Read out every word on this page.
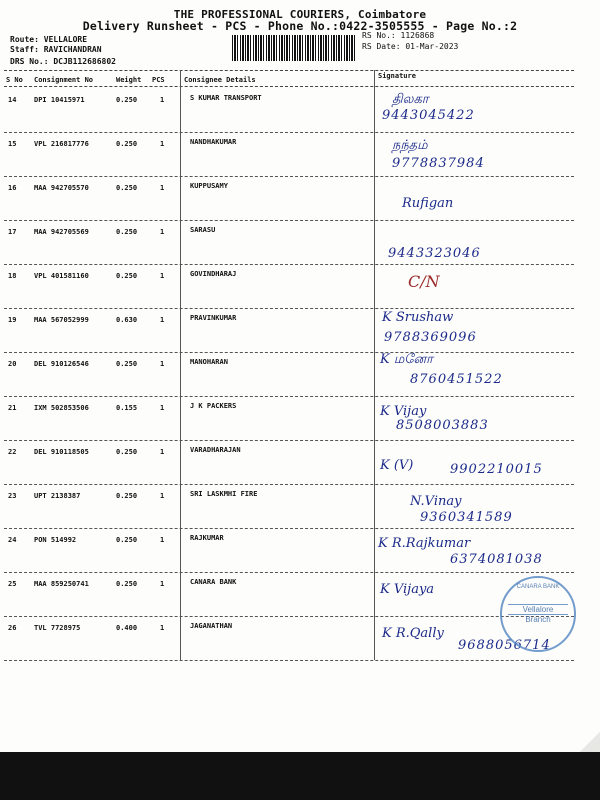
THE PROFESSIONAL COURIERS, Coimbatore
Delivery Runsheet - PCS - Phone No.:0422-3505555 - Page No.:2
Route: VELLALORE
Staff: RAVICHANDRAN
DRS No.: DCJB112686802
RS No.: 1126868
RS Date: 01-Mar-2023
S No Consignment No	Weight PCS	Consignee Details	Signature
14	DPI 10415971	0.250	1	S KUMAR TRANSPORT	திலகா
9443045422
15	VPL 216817776	0.250	1	NANDHAKUMAR	நந்தம்
9778837984
16	MAA 942705570	0.250	1	KUPPUSAMY
Rufigan
17	MAA 942705569	0.250	1	SARASU
9443323046
18	VPL 401581160	0.250	1	GOVINDHARAJ	C/N
19	MAA 567052999	0.630	1	PRAVINKUMAR	K Srushaw
9788369096
20	DEL 910126546	0.250	1	MANOHARAN	K மனோ
8760451522
21	IXM 502853506	0.155	1	J K PACKERS	K Vijay
8508003883
22	DEL 910118505	0.250	1	VARADHARAJAN
K (V)	9902210015
23	UPT 2138387	0.250	1	SRI LASKMHI FIRE	N.Vinay
9360341589
24	PON 514992	0.250	1	RAJKUMAR	K R.Rajkumar
6374081038
25	MAA 859250741	0.250	1	CANARA BANK	K Vijaya
26	TVL 7728975	0.400	1	JAGANATHAN	K R.Qally
9688056714
CANARA BANK
Vellalore
Branch
